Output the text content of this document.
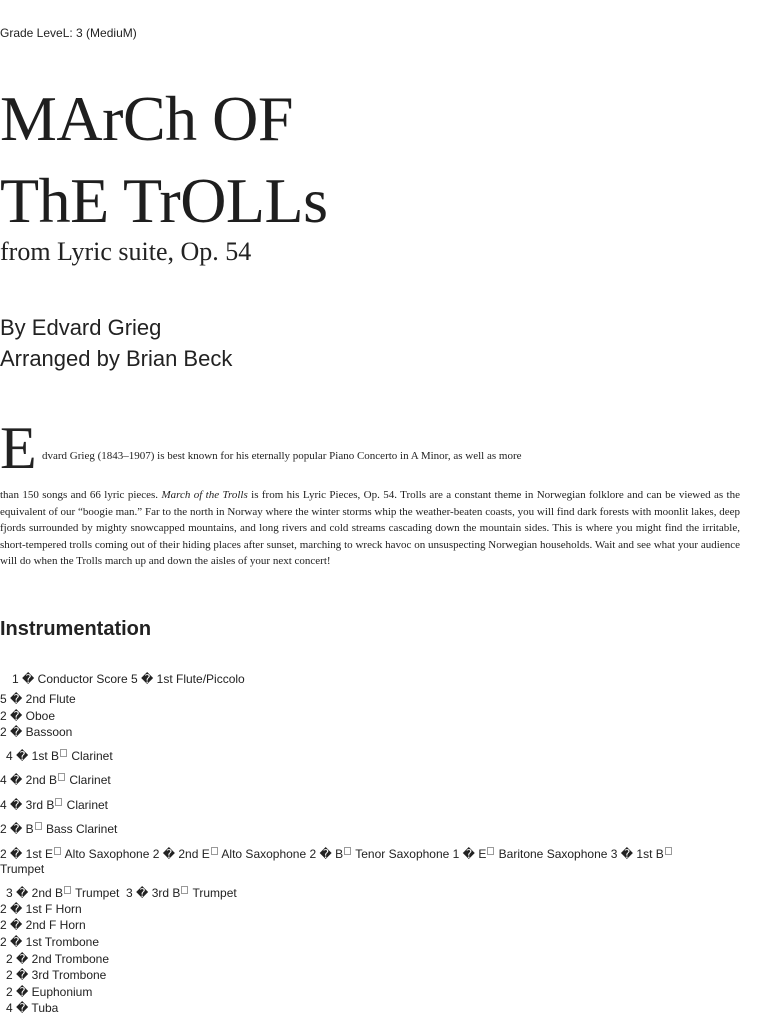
Grade LeveL: 3 (MediuM)
MArCh OF
ThE TrOLLs
from Lyric suite, Op. 54
By Edvard Grieg
Arranged by Brian Beck
E dvard Grieg (1843–1907) is best known for his eternally popular Piano Concerto in A Minor, as well as more
than 150 songs and 66 lyric pieces. March of the Trolls is from his Lyric Pieces, Op. 54. Trolls are a constant theme in Norwegian folklore and can be viewed as the equivalent of our “boogie man.” Far to the north in Norway where the winter storms whip the weather-beaten coasts, you will find dark forests with moonlit lakes, deep fjords surrounded by mighty snowcapped mountains, and long rivers and cold streams cascading down the mountain sides. This is where you might find the irritable, short-tempered trolls coming out of their hiding places after sunset, marching to wreck havoc on unsuspecting Norwegian households. Wait and see what your audience will do when the Trolls march up and down the aisles of your next concert!
Instrumentation
1 � Conductor Score 5 � 1st Flute/Piccolo
5 � 2nd Flute
2 � Oboe
2 � Bassoon
4 � 1st B Clarinet
4 � 2nd B Clarinet
4 � 3rd B Clarinet
2 � B Bass Clarinet
2 � 1st E Alto Saxophone 2 � 2nd E Alto Saxophone 2 � B Tenor Saxophone 1 � E Baritone Saxophone 3 � 1st B
Trumpet
3 � 2nd B Trumpet  3 � 3rd B Trumpet
2 � 1st F Horn
2 � 2nd F Horn
2 � 1st Trombone
2 � 2nd Trombone
2 � 3rd Trombone
2 � Euphonium
4 � Tuba
